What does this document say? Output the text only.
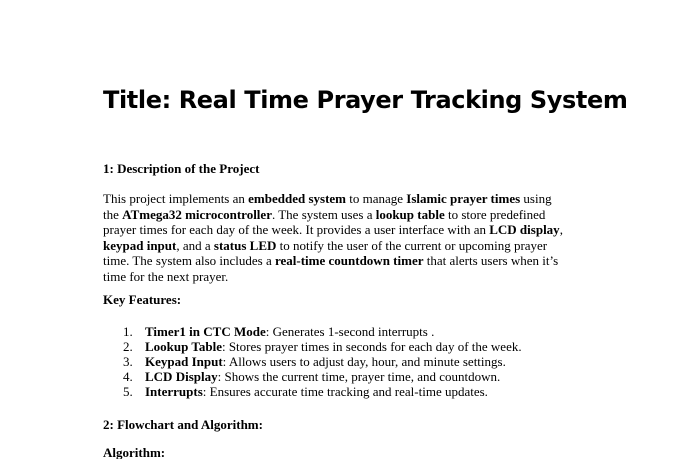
Title: Real Time Prayer Tracking System
1: Description of the Project

This project implements an embedded system to manage Islamic prayer times using the ATmega32 microcontroller. The system uses a lookup table to store predefined prayer times for each day of the week. It provides a user interface with an LCD display, keypad input, and a status LED to notify the user of the current or upcoming prayer time. The system also includes a real-time countdown timer that alerts users when it’s time for the next prayer.

Key Features:
1. Timer1 in CTC Mode: Generates 1-second interrupts .
2. Lookup Table: Stores prayer times in seconds for each day of the week.
3. Keypad Input: Allows users to adjust day, hour, and minute settings.
4. LCD Display: Shows the current time, prayer time, and countdown.
5. Interrupts: Ensures accurate time tracking and real-time updates.
2: Flowchart and Algorithm:
Algorithm:
